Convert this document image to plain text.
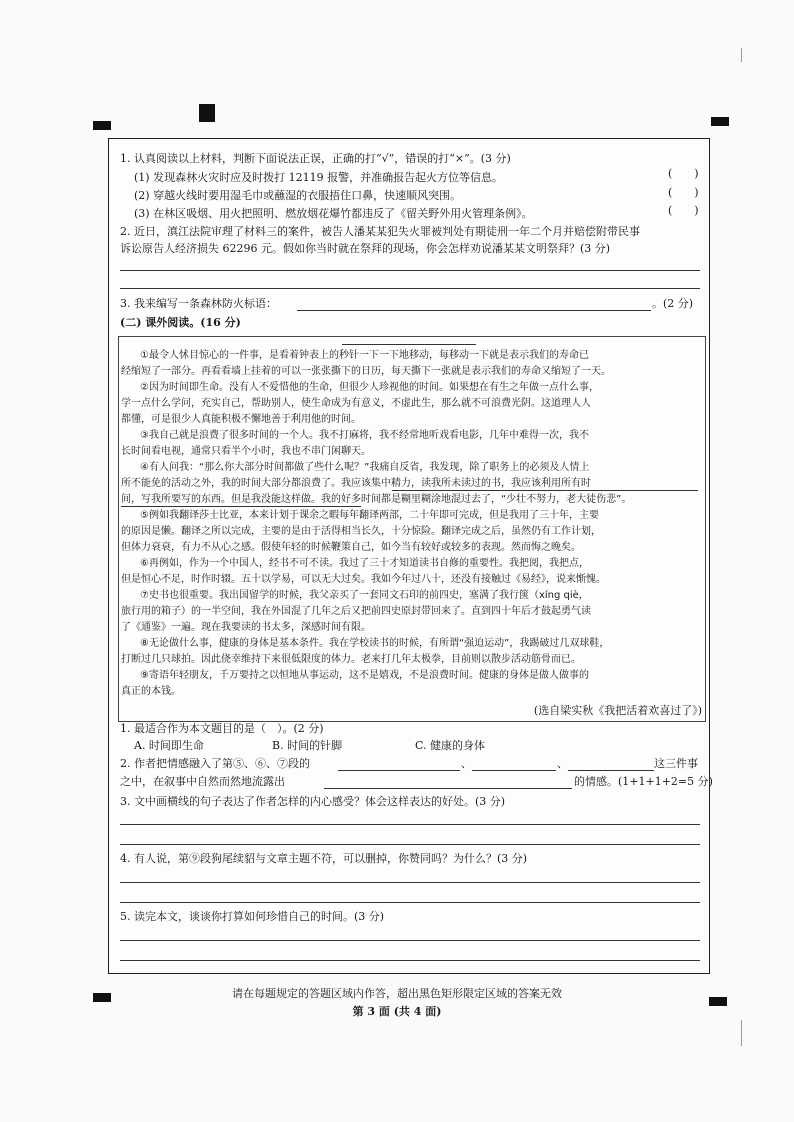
1. 认真阅读以上材料，判断下面说法正误，正确的打“√”，错误的打“×”。(3 分)
(1) 发现森林火灾时应及时拨打 12119 报警，并准确报告起火方位等信息。	(　　)
(2) 穿越火线时要用湿毛巾或蘸湿的衣服捂住口鼻，快速顺风突围。	(　　)
(3) 在林区吸烟、用火把照明、燃放烟花爆竹都违反了《留关野外用火管理条例》。	(　　)
2. 近日，滇江法院审理了材料三的案件，被告人潘某某犯失火罪被判处有期徒刑一年二个月并赔偿附带民事
诉讼原告人经济损失 62296 元。假如你当时就在祭拜的现场，你会怎样劝说潘某某文明祭拜？(3 分)
3. 我来编写一条森林防火标语：	。(2 分)
(二) 课外阅读。(16 分)
①最令人怵目惊心的一件事，是看着钟表上的秒针一下一下地移动，每移动一下就是表示我们的寿命已
经缩短了一部分。再看看墙上挂着的可以一张张撕下的日历，每天撕下一张就是表示我们的寿命又缩短了一天。
②因为时间即生命。没有人不爱惜他的生命，但很少人珍视他的时间。如果想在有生之年做一点什么事，
学一点什么学问，充实自己，帮助别人，使生命成为有意义，不虚此生，那么就不可浪费光阴。这道理人人
都懂，可是很少人真能积极不懈地善于利用他的时间。
③我自己就是浪费了很多时间的一个人。我不打麻将，我不经常地听戏看电影，几年中难得一次，我不
长时间看电视，通常只看半个小时，我也不串门闲聊天。
④有人问我：“那么你大部分时间都做了些什么呢？”我痛自反省，我发现，除了职务上的必须及人情上
所不能免的活动之外，我的时间大部分都浪费了。我应该集中精力，读我所未读过的书，我应该利用所有时
间，写我所要写的东西。但是我没能这样做。我的好多时间都是糊里糊涂地混过去了，“少壮不努力，老大徒伤悲”。
⑤例如我翻译莎士比亚，本来计划于课余之暇每年翻译两部，二十年即可完成，但是我用了三十年，主要
的原因是懒。翻译之所以完成，主要的是由于活得相当长久，十分惊险。翻译完成之后，虽然仍有工作计划，
但体力衰衰，有力不从心之感。假使年轻的时候鞭策自己，如今当有较好或较多的表现。然而悔之晚矣。
⑥再例如，作为一个中国人，经书不可不读。我过了三十才知道读书自修的重要性。我把阅，我把点，
但是恒心不足，时作时辍。五十以学易，可以无大过矣。我如今年过八十，还没有接触过《易经》，说来惭愧。
⑦史书也很重要。我出国留学的时候，我父亲买了一套同文石印的前四史，塞满了我行箧（xíng qiè，
旅行用的箱子）的一半空间，我在外国混了几年之后又把前四史原封带回来了。直到四十年后才鼓起勇气读
了《通鉴》一遍。现在我要读的书太多，深感时间有限。
⑧无论做什么事，健康的身体是基本条件。我在学校读书的时候，有所谓“强迫运动”，我踢破过几双球鞋，
打断过几只球拍。因此侥幸维持下来很低限度的体力。老来打几年太极拳，目前则以散步活动筋骨而已。
⑨寄语年轻朋友，千万要持之以恒地从事运动，这不是嬉戏，不是浪费时间。健康的身体是做人做事的
真正的本钱。
(选自梁实秋《我把活着欢喜过了》)
1. 最适合作为本文题目的是（　）。(2 分)
A. 时间即生命	B. 时间的针脚	C. 健康的身体
2. 作者把情感融入了第⑤、⑥、⑦段的	、	、	这三件事
之中，在叙事中自然而然地流露出	的情感。(1+1+1+2=5 分)
3. 文中画横线的句子表达了作者怎样的内心感受？体会这样表达的好处。(3 分)
4. 有人说，第⑨段狗尾续貂与文章主题不符，可以删掉，你赞同吗？为什么？(3 分)
5. 读完本文，谈谈你打算如何珍惜自己的时间。(3 分)
请在每题规定的答题区域内作答，超出黑色矩形限定区域的答案无效
第 3 面 (共 4 面)
